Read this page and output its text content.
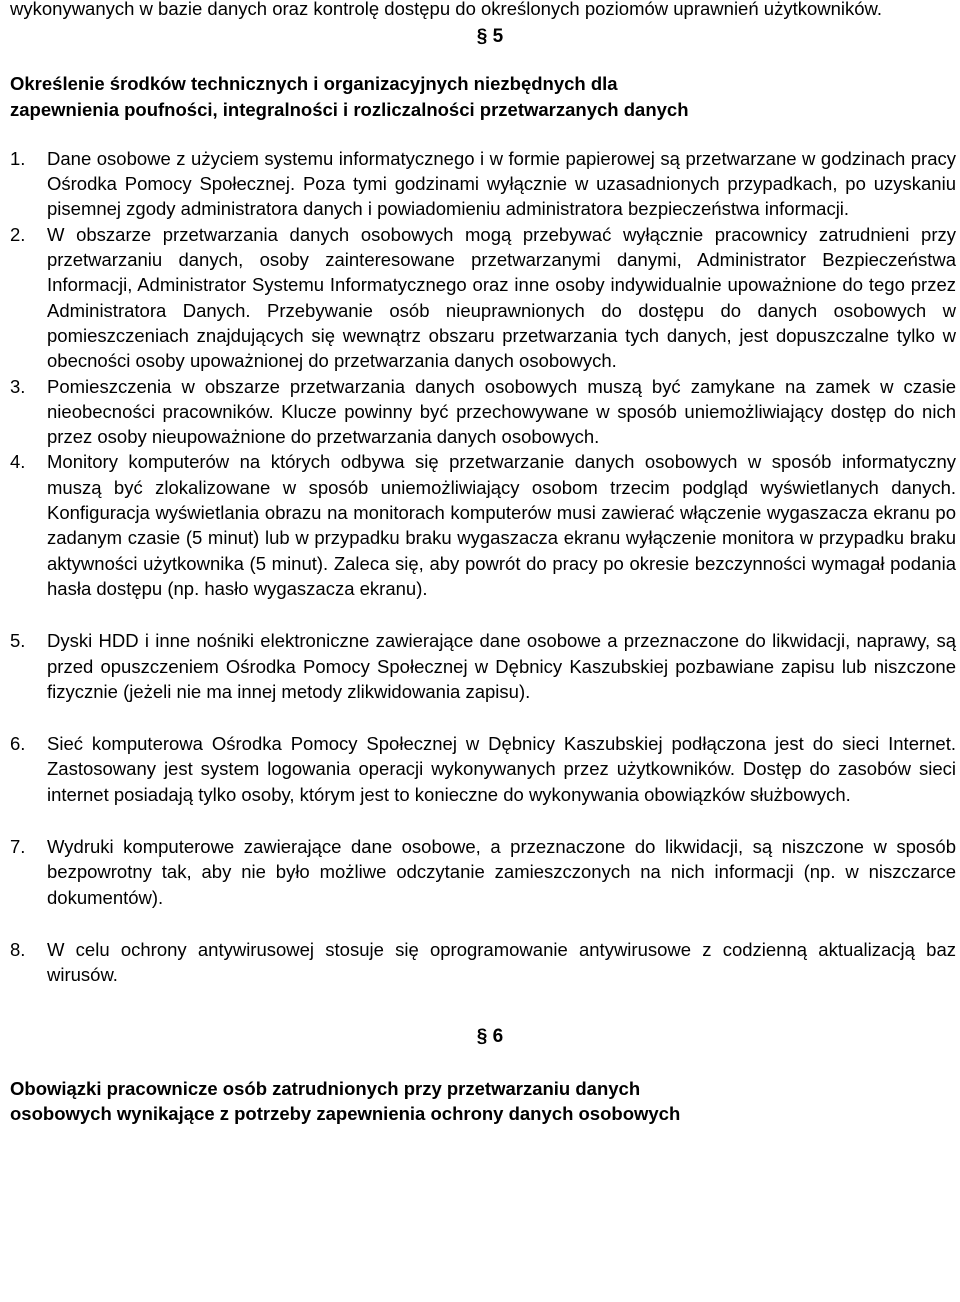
wykonywanych w bazie danych oraz kontrolę dostępu do określonych poziomów uprawnień użytkowników.

§ 5

Określenie środków technicznych i organizacyjnych niezbędnych dla

zapewnienia poufności, integralności i rozliczalności przetwarzanych danych

1. Dane osobowe z użyciem systemu informatycznego i w formie papierowej są przetwarzane w godzinach pracy Ośrodka Pomocy Społecznej. Poza tymi godzinami wyłącznie w uzasadnionych przypadkach, po uzyskaniu pisemnej zgody administratora danych i powiadomieniu administratora bezpieczeństwa informacji.
2. W obszarze przetwarzania danych osobowych mogą przebywać wyłącznie pracownicy zatrudnieni przy przetwarzaniu danych, osoby zainteresowane przetwarzanymi danymi, Administrator Bezpieczeństwa Informacji, Administrator Systemu Informatycznego oraz inne osoby indywidualnie upoważnione do tego przez Administratora Danych. Przebywanie osób nieuprawnionych do dostępu do danych osobowych w pomieszczeniach znajdujących się wewnątrz obszaru przetwarzania tych danych, jest dopuszczalne tylko w obecności osoby upoważnionej do przetwarzania danych osobowych.
3. Pomieszczenia w obszarze przetwarzania danych osobowych muszą być zamykane na zamek w czasie nieobecności pracowników. Klucze powinny być przechowywane w sposób uniemożliwiający dostęp do nich przez osoby nieupoważnione do przetwarzania danych osobowych.
4. Monitory komputerów na których odbywa się przetwarzanie danych osobowych w sposób informatyczny muszą być zlokalizowane w sposób uniemożliwiający osobom trzecim podgląd wyświetlanych danych. Konfiguracja wyświetlania obrazu na monitorach komputerów musi zawierać włączenie wygaszacza ekranu po zadanym czasie (5 minut) lub w przypadku braku wygaszacza ekranu wyłączenie monitora w przypadku braku aktywności użytkownika (5 minut). Zaleca się, aby powrót do pracy po okresie bezczynności wymagał podania hasła dostępu (np. hasło wygaszacza ekranu).
5. Dyski HDD i inne nośniki elektroniczne zawierające dane osobowe a przeznaczone do likwidacji, naprawy, są przed opuszczeniem Ośrodka Pomocy Społecznej w Dębnicy Kaszubskiej pozbawiane zapisu lub niszczone fizycznie (jeżeli nie ma innej metody zlikwidowania zapisu).
6. Sieć komputerowa Ośrodka Pomocy Społecznej w Dębnicy Kaszubskiej podłączona jest do sieci Internet. Zastosowany jest system logowania operacji wykonywanych przez użytkowników. Dostęp do zasobów sieci internet posiadają tylko osoby, którym jest to konieczne do wykonywania obowiązków służbowych.
7. Wydruki komputerowe zawierające dane osobowe, a przeznaczone do likwidacji, są niszczone w sposób bezpowrotny tak, aby nie było możliwe odczytanie zamieszczonych na nich informacji (np. w niszczarce dokumentów).
8. W celu ochrony antywirusowej stosuje się oprogramowanie antywirusowe z codzienną aktualizacją baz wirusów.

§ 6

Obowiązki pracownicze osób zatrudnionych przy przetwarzaniu danych

osobowych wynikające z potrzeby zapewnienia ochrony danych osobowych
